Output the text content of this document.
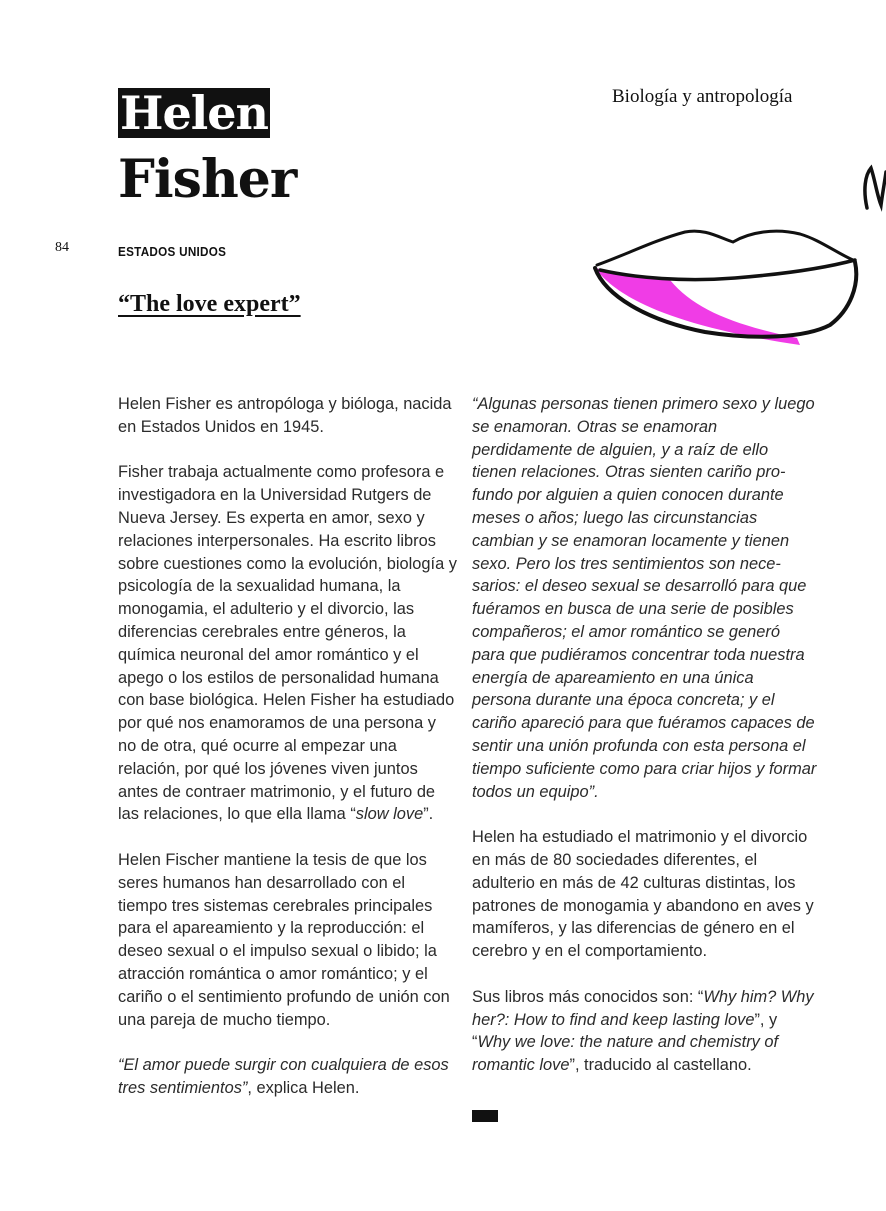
Helen
Fisher
Biología y antropología
84	ESTADOS UNIDOS
“The love expert”

Helen Fisher es antropóloga y bióloga, nacida en Estados Unidos en 1945.

Fisher trabaja actualmente como profesora e investigadora en la Universidad Rutgers de Nueva Jersey. Es experta en amor, sexo y relaciones interpersonales. Ha escrito libros sobre cuestiones como la evolución, biología y psicología de la sexualidad humana, la monogamia, el adulterio y el divorcio, las diferencias cerebrales entre géneros, la química neuronal del amor romántico y el apego o los estilos de personalidad humana con base biológica. Helen Fisher ha estudiado por qué nos enamoramos de una persona y no de otra, qué ocurre al empezar una relación, por qué los jóvenes viven juntos antes de contraer matrimonio, y el futuro de las relaciones, lo que ella llama “slow love”.

Helen Fischer mantiene la tesis de que los seres humanos han desarrollado con el tiempo tres sistemas cerebrales principales para el apareamiento y la reproducción: el deseo sexual o el impulso sexual o libido; la atracción romántica o amor romántico; y el cariño o el sentimiento profundo de unión con una pareja de mucho tiempo.

“El amor puede surgir con cualquiera de esos tres sentimientos”, explica Helen.

“Algunas personas tienen primero sexo y luego se enamoran. Otras se enamoran perdidamente de alguien, y a raíz de ello tienen relaciones. Otras sienten cariño profundo por alguien a quien conocen durante meses o años; luego las circunstancias cambian y se enamoran locamente y tienen sexo. Pero los tres sentimientos son necesarios: el deseo sexual se desarrolló para que fuéramos en busca de una serie de posibles compañeros; el amor romántico se generó para que pudiéramos concentrar toda nuestra energía de apareamiento en una única persona durante una época concreta; y el cariño apareció para que fuéramos capaces de sentir una unión profunda con esta persona el tiempo suficiente como para criar hijos y formar todos un equipo”.

Helen ha estudiado el matrimonio y el divorcio en más de 80 sociedades diferentes, el adulterio en más de 42 culturas distintas, los patrones de monogamia y abandono en aves y mamíferos, y las diferencias de género en el cerebro y en el comportamiento.

Sus libros más conocidos son: “Why him? Why her?: How to find and keep lasting love”, y “Why we love: the nature and chemistry of romantic love”, traducido al castellano.
